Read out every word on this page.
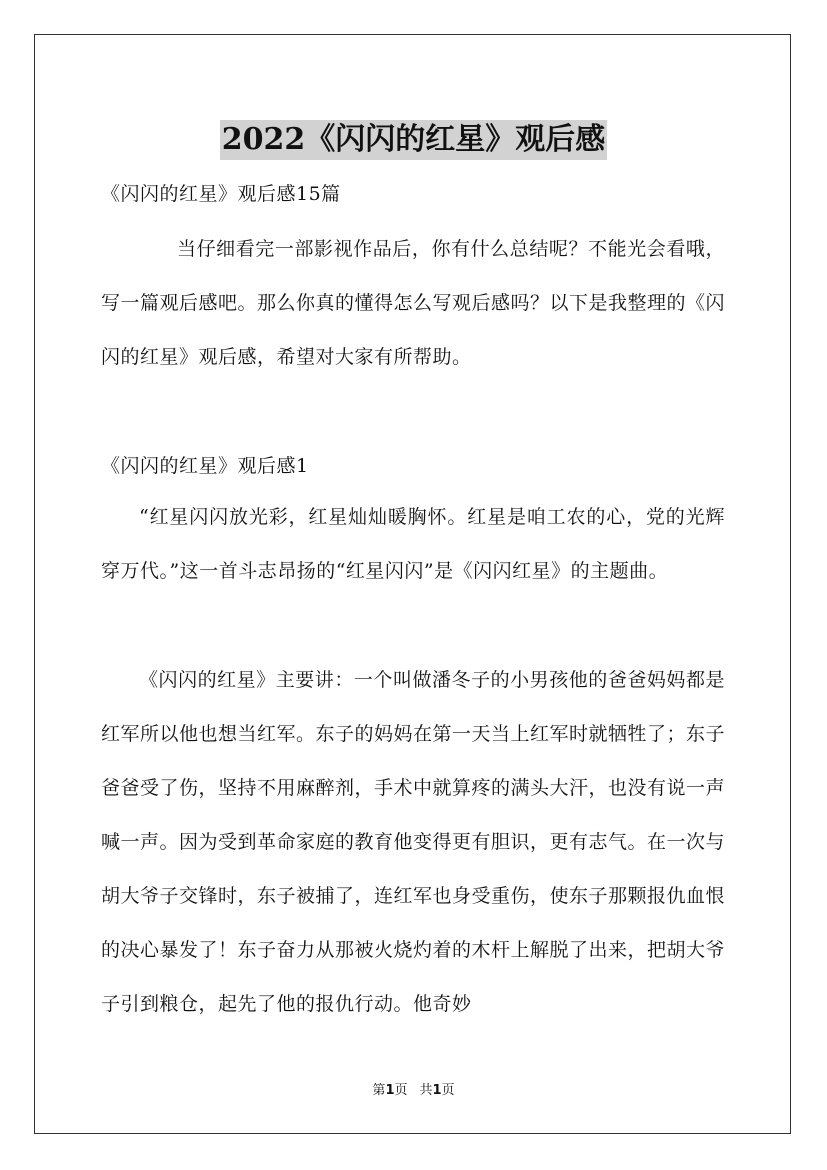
2022《闪闪的红星》观后感

《闪闪的红星》观后感15篇

当仔细看完一部影视作品后，你有什么总结呢？不能光会看哦，写一篇观后感吧。那么你真的懂得怎么写观后感吗？以下是我整理的《闪闪的红星》观后感，希望对大家有所帮助。

《闪闪的红星》观后感1

“红星闪闪放光彩，红星灿灿暖胸怀。红星是咱工农的心，党的光辉穿万代。”这一首斗志昂扬的“红星闪闪”是《闪闪红星》的主题曲。

《闪闪的红星》主要讲：一个叫做潘冬子的小男孩他的爸爸妈妈都是红军所以他也想当红军。东子的妈妈在第一天当上红军时就牺牲了；东子爸爸受了伤，坚持不用麻醉剂，手术中就算疼的满头大汗，也没有说一声喊一声。因为受到革命家庭的教育他变得更有胆识，更有志气。在一次与胡大爷子交锋时，东子被捕了，连红军也身受重伤，使东子那颗报仇血恨的决心暴发了！东子奋力从那被火烧灼着的木杆上解脱了出来，把胡大爷子引到粮仓，起先了他的报仇行动。他奇妙

第1页 共1页
